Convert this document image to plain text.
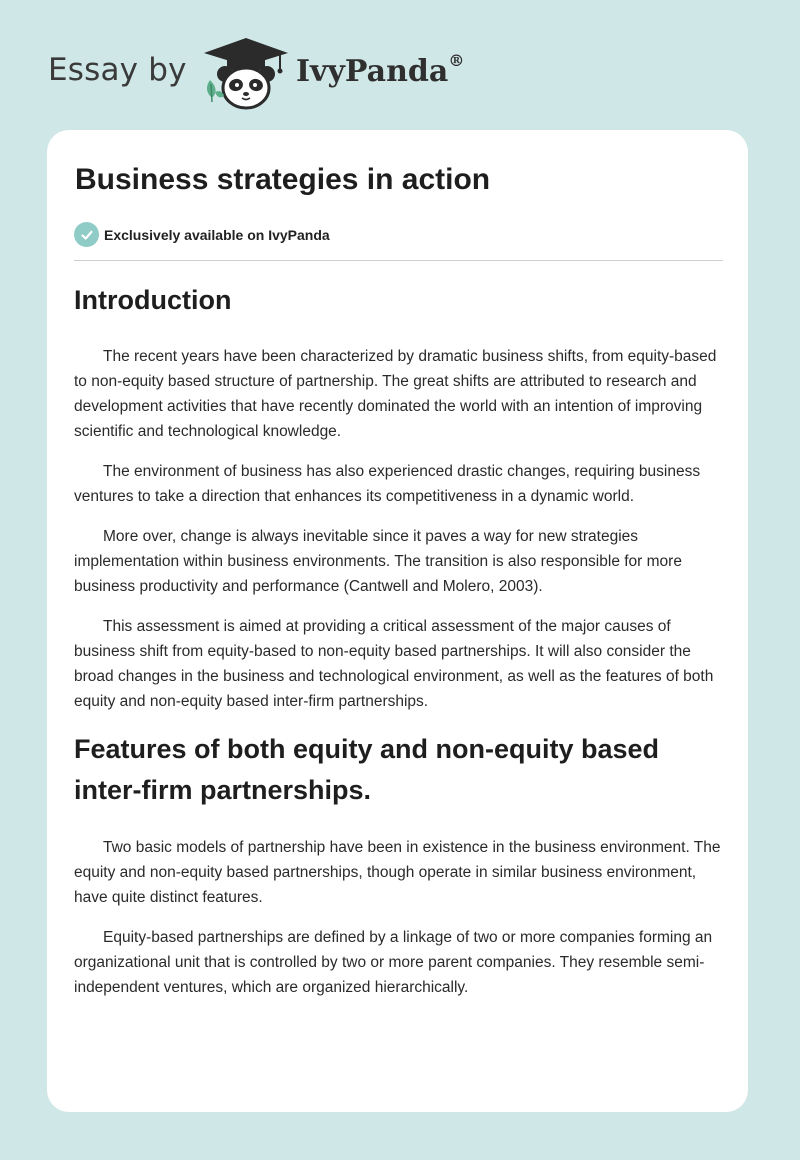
Essay by	IvyPanda®
Business strategies in action
Exclusively available on IvyPanda
Introduction

The recent years have been characterized by dramatic business shifts, from equity-based to non-equity based structure of partnership. The great shifts are attributed to research and development activities that have recently dominated the world with an intention of improving scientific and technological knowledge.

The environment of business has also experienced drastic changes, requiring business ventures to take a direction that enhances its competitiveness in a dynamic world.

More over, change is always inevitable since it paves a way for new strategies implementation within business environments. The transition is also responsible for more business productivity and performance (Cantwell and Molero, 2003).

This assessment is aimed at providing a critical assessment of the major causes of business shift from equity-based to non-equity based partnerships. It will also consider the broad changes in the business and technological environment, as well as the features of both equity and non-equity based inter-firm partnerships.

Features of both equity and non-equity based inter-firm partnerships.

Two basic models of partnership have been in existence in the business environment. The equity and non-equity based partnerships, though operate in similar business environment, have quite distinct features.

Equity-based partnerships are defined by a linkage of two or more companies forming an organizational unit that is controlled by two or more parent companies. They resemble semi-independent ventures, which are organized hierarchically.
